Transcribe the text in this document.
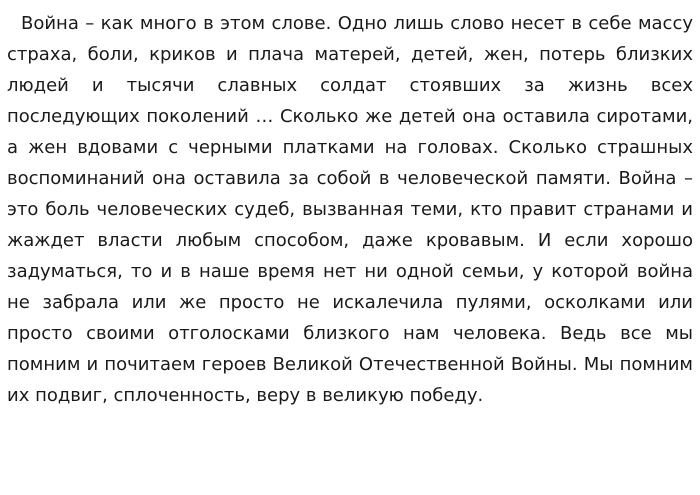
Война – как много в этом слове. Одно лишь слово несет в себе массу страха, боли, криков и плача матерей, детей, жен, потерь близких людей и тысячи славных солдат стоявших за жизнь всех последующих поколений … Сколько же детей она оставила сиротами, а жен вдовами с черными платками на головах. Сколько страшных воспоминаний она оставила за собой в человеческой памяти. Война – это боль человеческих судеб, вызванная теми, кто правит странами и жаждет власти любым способом, даже кровавым. И если хорошо задуматься, то и в наше время нет ни одной семьи, у которой война не забрала или же просто не искалечила пулями, осколками или просто своими отголосками близкого нам человека. Ведь все мы помним и почитаем героев Великой Отечественной Войны. Мы помним их подвиг, сплоченность, веру в великую победу.
